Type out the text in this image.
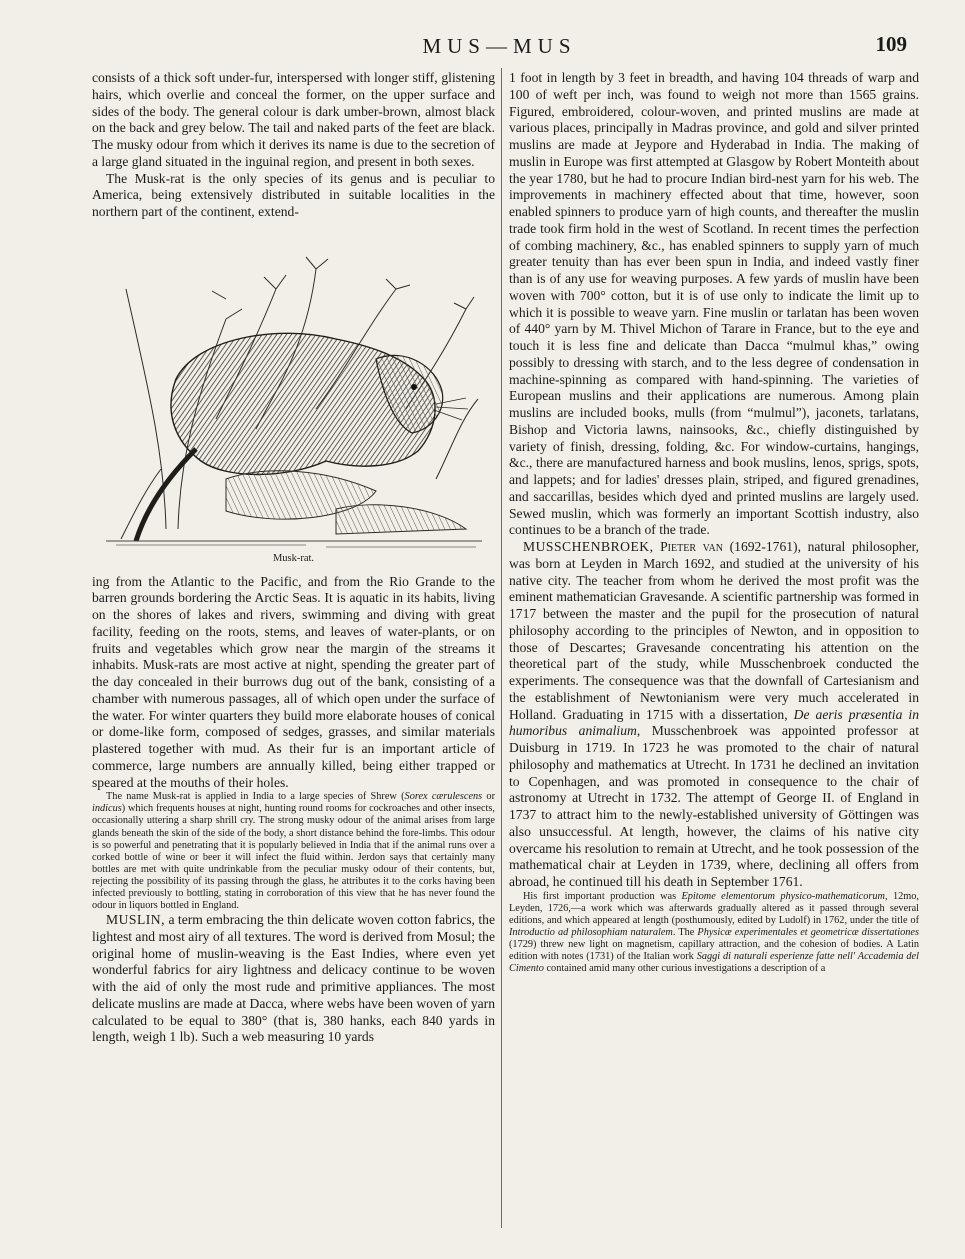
MUS—MUS	109

consists of a thick soft under-fur, interspersed with longer stiff, glistening hairs, which overlie and conceal the former, on the upper surface and sides of the body. The general colour is dark umber-brown, almost black on the back and grey below. The tail and naked parts of the feet are black. The musky odour from which it derives its name is due to the secretion of a large gland situated in the inguinal region, and present in both sexes.

The Musk-rat is the only species of its genus and is peculiar to America, being extensively distributed in suitable localities in the northern part of the continent, extend-

Musk-rat.

ing from the Atlantic to the Pacific, and from the Rio Grande to the barren grounds bordering the Arctic Seas. It is aquatic in its habits, living on the shores of lakes and rivers, swimming and diving with great facility, feeding on the roots, stems, and leaves of water-plants, or on fruits and vegetables which grow near the margin of the streams it inhabits. Musk-rats are most active at night, spending the greater part of the day concealed in their burrows dug out of the bank, consisting of a chamber with numerous passages, all of which open under the surface of the water. For winter quarters they build more elaborate houses of conical or dome-like form, composed of sedges, grasses, and similar materials plastered together with mud. As their fur is an important article of commerce, large numbers are annually killed, being either trapped or speared at the mouths of their holes.

The name Musk-rat is applied in India to a large species of Shrew (Sorex cærulescens or indicus) which frequents houses at night, hunting round rooms for cockroaches and other insects, occasionally uttering a sharp shrill cry. The strong musky odour of the animal arises from large glands beneath the skin of the side of the body, a short distance behind the fore-limbs. This odour is so powerful and penetrating that it is popularly believed in India that if the animal runs over a corked bottle of wine or beer it will infect the fluid within. Jerdon says that certainly many bottles are met with quite undrinkable from the peculiar musky odour of their contents, but, rejecting the possibility of its passing through the glass, he attributes it to the corks having been infected previously to bottling, stating in corroboration of this view that he has never found the odour in liquors bottled in England.

MUSLIN, a term embracing the thin delicate woven cotton fabrics, the lightest and most airy of all textures. The word is derived from Mosul; the original home of muslin-weaving is the East Indies, where even yet wonderful fabrics for airy lightness and delicacy continue to be woven with the aid of only the most rude and primitive appliances. The most delicate muslins are made at Dacca, where webs have been woven of yarn calculated to be equal to 380° (that is, 380 hanks, each 840 yards in length, weigh 1 lb). Such a web measuring 10 yards

1 foot in length by 3 feet in breadth, and having 104 threads of warp and 100 of weft per inch, was found to weigh not more than 1565 grains. Figured, embroidered, colour-woven, and printed muslins are made at various places, principally in Madras province, and gold and silver printed muslins are made at Jeypore and Hyderabad in India. The making of muslin in Europe was first attempted at Glasgow by Robert Monteith about the year 1780, but he had to procure Indian bird-nest yarn for his web. The improvements in machinery effected about that time, however, soon enabled spinners to produce yarn of high counts, and thereafter the muslin trade took firm hold in the west of Scotland. In recent times the perfection of combing machinery, &c., has enabled spinners to supply yarn of much greater tenuity than has ever been spun in India, and indeed vastly finer than is of any use for weaving purposes. A few yards of muslin have been woven with 700° cotton, but it is of use only to indicate the limit up to which it is possible to weave yarn. Fine muslin or tarlatan has been woven of 440° yarn by M. Thivel Michon of Tarare in France, but to the eye and touch it is less fine and delicate than Dacca “mulmul khas,” owing possibly to dressing with starch, and to the less degree of condensation in machine-spinning as compared with hand-spinning. The varieties of European muslins and their applications are numerous. Among plain muslins are included books, mulls (from “mulmul”), jaconets, tarlatans, Bishop and Victoria lawns, nainsooks, &c., chiefly distinguished by variety of finish, dressing, folding, &c. For window-curtains, hangings, &c., there are manufactured harness and book muslins, lenos, sprigs, spots, and lappets; and for ladies' dresses plain, striped, and figured grenadines, and saccarillas, besides which dyed and printed muslins are largely used. Sewed muslin, which was formerly an important Scottish industry, also continues to be a branch of the trade.

MUSSCHENBROEK, Pieter van (1692-1761), natural philosopher, was born at Leyden in March 1692, and studied at the university of his native city. The teacher from whom he derived the most profit was the eminent mathematician Gravesande. A scientific partnership was formed in 1717 between the master and the pupil for the prosecution of natural philosophy according to the principles of Newton, and in opposition to those of Descartes; Gravesande concentrating his attention on the theoretical part of the study, while Musschenbroek conducted the experiments. The consequence was that the downfall of Cartesianism and the establishment of Newtonianism were very much accelerated in Holland. Graduating in 1715 with a dissertation, De aeris præsentia in humoribus animalium, Musschenbroek was appointed professor at Duisburg in 1719. In 1723 he was promoted to the chair of natural philosophy and mathematics at Utrecht. In 1731 he declined an invitation to Copenhagen, and was promoted in consequence to the chair of astronomy at Utrecht in 1732. The attempt of George II. of England in 1737 to attract him to the newly-established university of Göttingen was also unsuccessful. At length, however, the claims of his native city overcame his resolution to remain at Utrecht, and he took possession of the mathematical chair at Leyden in 1739, where, declining all offers from abroad, he continued till his death in September 1761.

His first important production was Epitome elementorum physico-mathematicorum, 12mo, Leyden, 1726,—a work which was afterwards gradually altered as it passed through several editions, and which appeared at length (posthumously, edited by Ludolf) in 1762, under the title of Introductio ad philosophiam naturalem. The Physicæ experimentales et geometricæ dissertationes (1729) threw new light on magnetism, capillary attraction, and the cohesion of bodies. A Latin edition with notes (1731) of the Italian work Saggi di naturali esperienze fatte nell' Accademia del Cimento contained amid many other curious investigations a description of a
